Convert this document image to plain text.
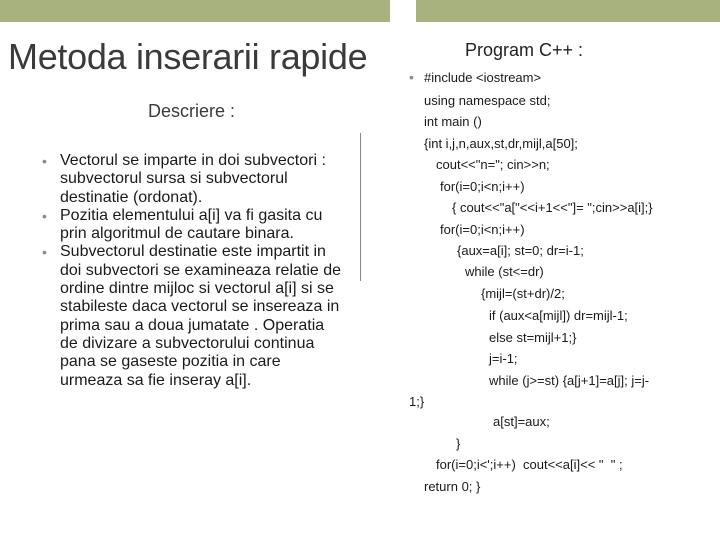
Metoda inserarii rapide
Descriere :
Program C++ :
• Vectorul se imparte in doi subvectori : subvectorul sursa si subvectorul destinatie (ordonat).
• Pozitia elementului a[i] va fi gasita cu prin algoritmul de cautare binara.
• Subvectorul destinatie este impartit in doi subvectori se examineaza relatie de ordine dintre mijloc si vectorul a[i] si se stabileste daca vectorul se insereaza in prima sau a doua jumatate . Operatia de divizare a subvectorului continua pana se gaseste pozitia in care urmeaza sa fie inseray a[i].
• #include <iostream>
using namespace std;
int main ()
{int i,j,n,aux,st,dr,mijl,a[50];
cout<<"n="; cin>>n;
for(i=0;i<n;i++)
{ cout<<"a["<<i+1<<"]= ";cin>>a[i];}
for(i=0;i<n;i++)
{aux=a[i]; st=0; dr=i-1;
while (st<=dr)
{mijl=(st+dr)/2;
if (aux<a[mijl]) dr=mijl-1;
else st=mijl+1;}
j=i-1;
while (j>=st) {a[j+1]=a[j]; j=j-
1;}
a[st]=aux;
}
for(i=0;i<';i++)  cout<<a[i]<< "  " ;
return 0; }
